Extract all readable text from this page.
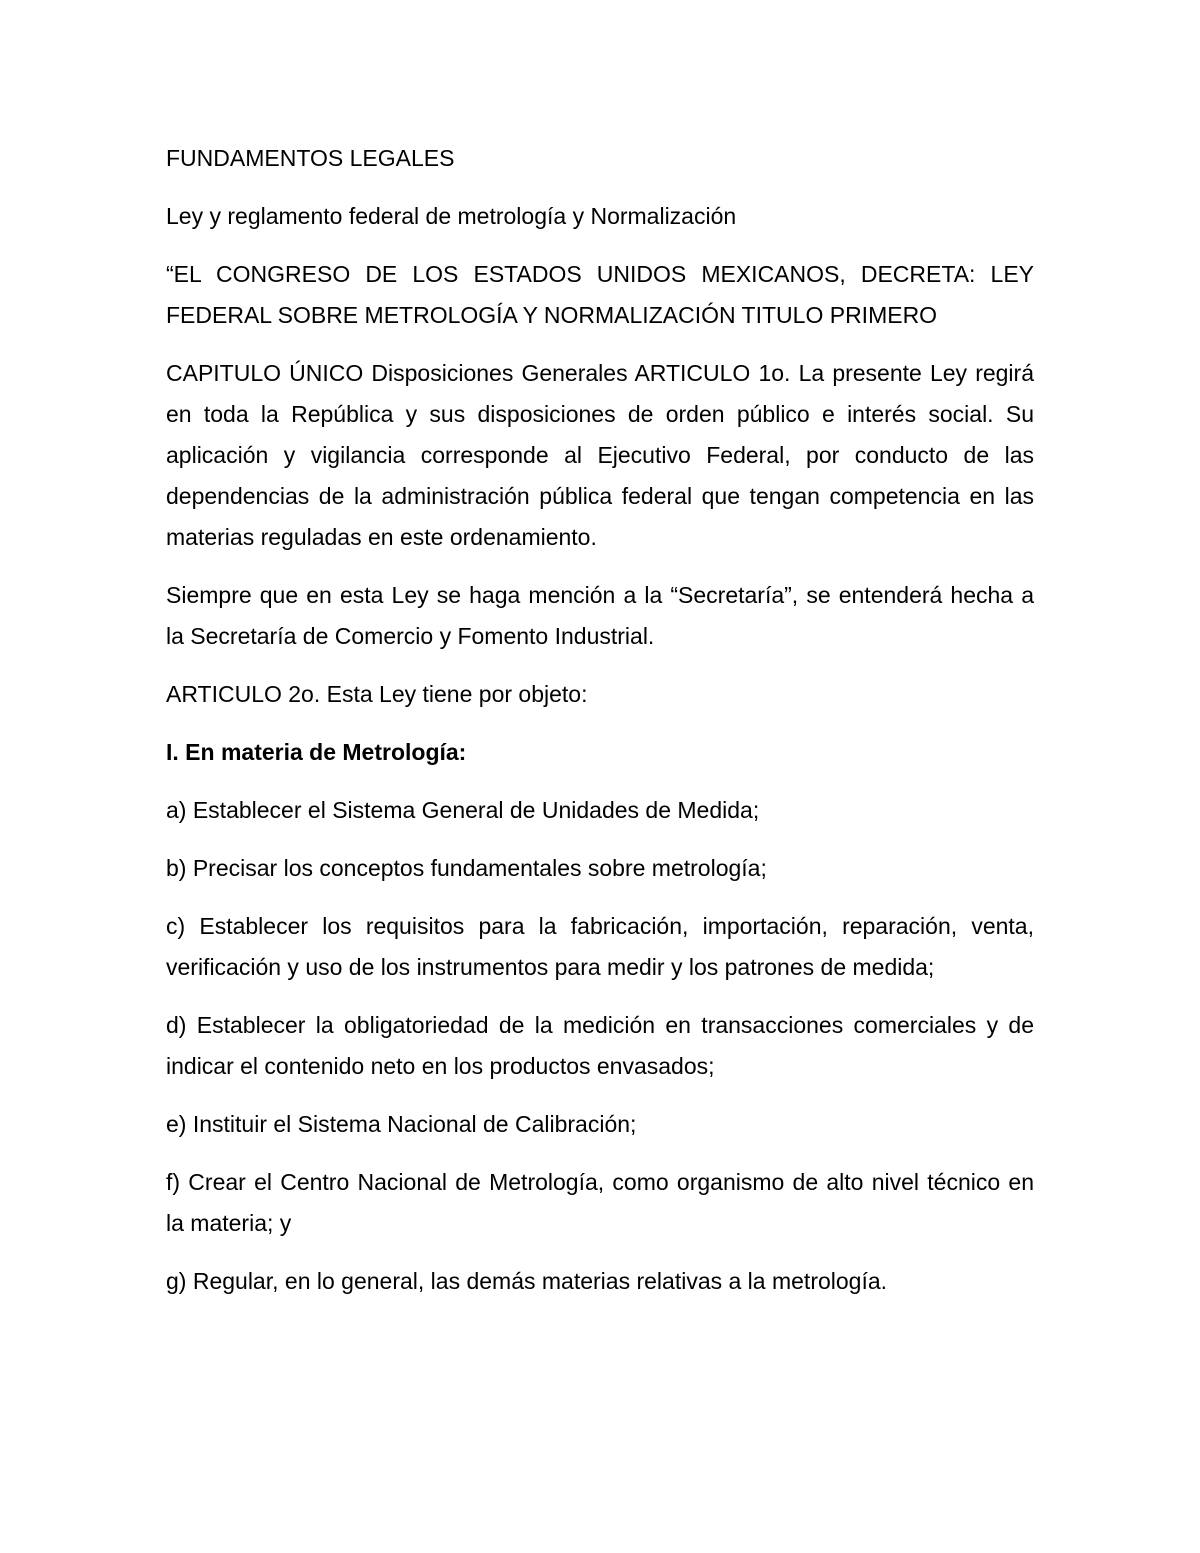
FUNDAMENTOS LEGALES

Ley y reglamento federal de metrología y Normalización

“EL CONGRESO DE LOS ESTADOS UNIDOS MEXICANOS, DECRETA: LEY FEDERAL SOBRE METROLOGÍA Y NORMALIZACIÓN TITULO PRIMERO

CAPITULO ÚNICO Disposiciones Generales ARTICULO 1o. La presente Ley regirá en toda la República y sus disposiciones de orden público e interés social. Su aplicación y vigilancia corresponde al Ejecutivo Federal, por conducto de las dependencias de la administración pública federal que tengan competencia en las materias reguladas en este ordenamiento.

Siempre que en esta Ley se haga mención a la “Secretaría”, se entenderá hecha a la Secretaría de Comercio y Fomento Industrial.

ARTICULO 2o. Esta Ley tiene por objeto:

I. En materia de Metrología:

a) Establecer el Sistema General de Unidades de Medida;

b) Precisar los conceptos fundamentales sobre metrología;

c) Establecer los requisitos para la fabricación, importación, reparación, venta, verificación y uso de los instrumentos para medir y los patrones de medida;

d) Establecer la obligatoriedad de la medición en transacciones comerciales y de indicar el contenido neto en los productos envasados;

e) Instituir el Sistema Nacional de Calibración;

f) Crear el Centro Nacional de Metrología, como organismo de alto nivel técnico en la materia; y

g) Regular, en lo general, las demás materias relativas a la metrología.
